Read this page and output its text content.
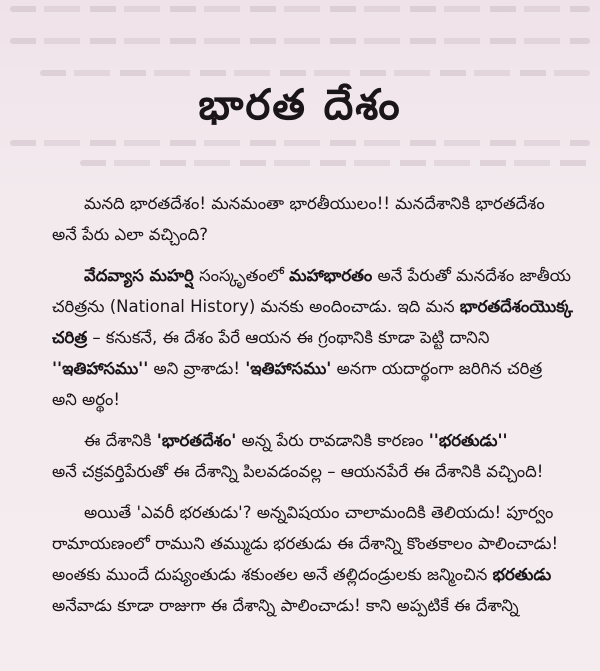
భారత దేశం

మనది భారతదేశం! మనమంతా భారతీయులం!! మనదేశానికి భారతదేశం
అనే పేరు ఎలా వచ్చింది?

వేదవ్యాస మహర్షి సంస్కృతంలో మహాభారతం అనే పేరుతో మనదేశం జాతీయ
చరిత్రను (National History) మనకు అందించాడు. ఇది మన భారతదేశంయొక్క
చరిత్ర – కనుకనే, ఈ దేశం పేరే ఆయన ఈ గ్రంథానికి కూడా పెట్టి దానిని
''ఇతిహాసము'' అని వ్రాశాడు! 'ఇతిహాసము' అనగా యదార్థంగా జరిగిన చరిత్ర
అని అర్థం!

ఈ దేశానికి 'భారతదేశం' అన్న పేరు రావడానికి కారణం ''భరతుడు''
అనే చక్రవర్తిపేరుతో ఈ దేశాన్ని పిలవడంవల్ల – ఆయనపేరే ఈ దేశానికి వచ్చింది!

అయితే 'ఎవరీ భరతుడు'? అన్నవిషయం చాలామందికి తెలియదు! పూర్వం
రామాయణంలో రాముని తమ్ముడు భరతుడు ఈ దేశాన్ని కొంతకాలం పాలించాడు!
అంతకు ముందే దుష్యంతుడు శకుంతల అనే తల్లిదండ్రులకు జన్మించిన భరతుడు
అనేవాడు కూడా రాజుగా ఈ దేశాన్ని పాలించాడు! కాని అప్పటికే ఈ దేశాన్ని
